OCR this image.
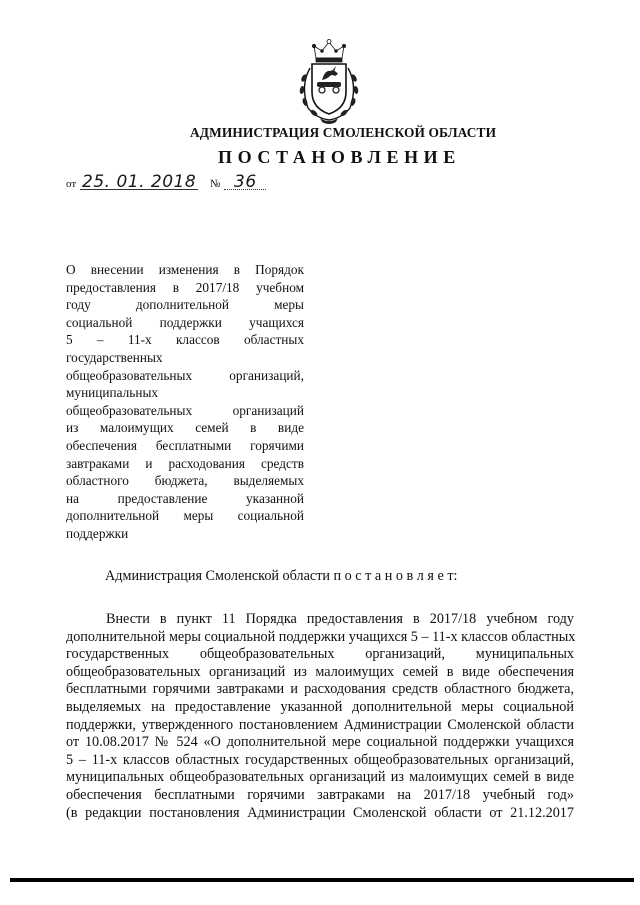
АДМИНИСТРАЦИЯ СМОЛЕНСКОЙ ОБЛАСТИ
ПОСТАНОВЛЕНИЕ
от 25. 01. 2018 № 36
О внесении изменения в Порядок
предоставления в 2017/18 учебном
году дополнительной меры
социальной поддержки учащихся
5 – 11-х классов областных
государственных
общеобразовательных организаций,
муниципальных
общеобразовательных организаций
из малоимущих семей в виде
обеспечения бесплатными горячими
завтраками и расходования средств
областного бюджета, выделяемых
на предоставление указанной
дополнительной меры социальной
поддержки
Администрация Смоленской области п о с т а н о в л я е т:
Внести в пункт 11 Порядка предоставления в 2017/18 учебном году
дополнительной меры социальной поддержки учащихся 5 – 11-х классов областных
государственных общеобразовательных организаций, муниципальных
общеобразовательных организаций из малоимущих семей в виде обеспечения
бесплатными горячими завтраками и расходования средств областного бюджета,
выделяемых на предоставление указанной дополнительной меры социальной
поддержки, утвержденного постановлением Администрации Смоленской области
от 10.08.2017 № 524 «О дополнительной мере социальной поддержки учащихся
5 – 11-х классов областных государственных общеобразовательных организаций,
муниципальных общеобразовательных организаций из малоимущих семей в виде
обеспечения бесплатными горячими завтраками на 2017/18 учебный год»
(в редакции постановления Администрации Смоленской области от 21.12.2017
